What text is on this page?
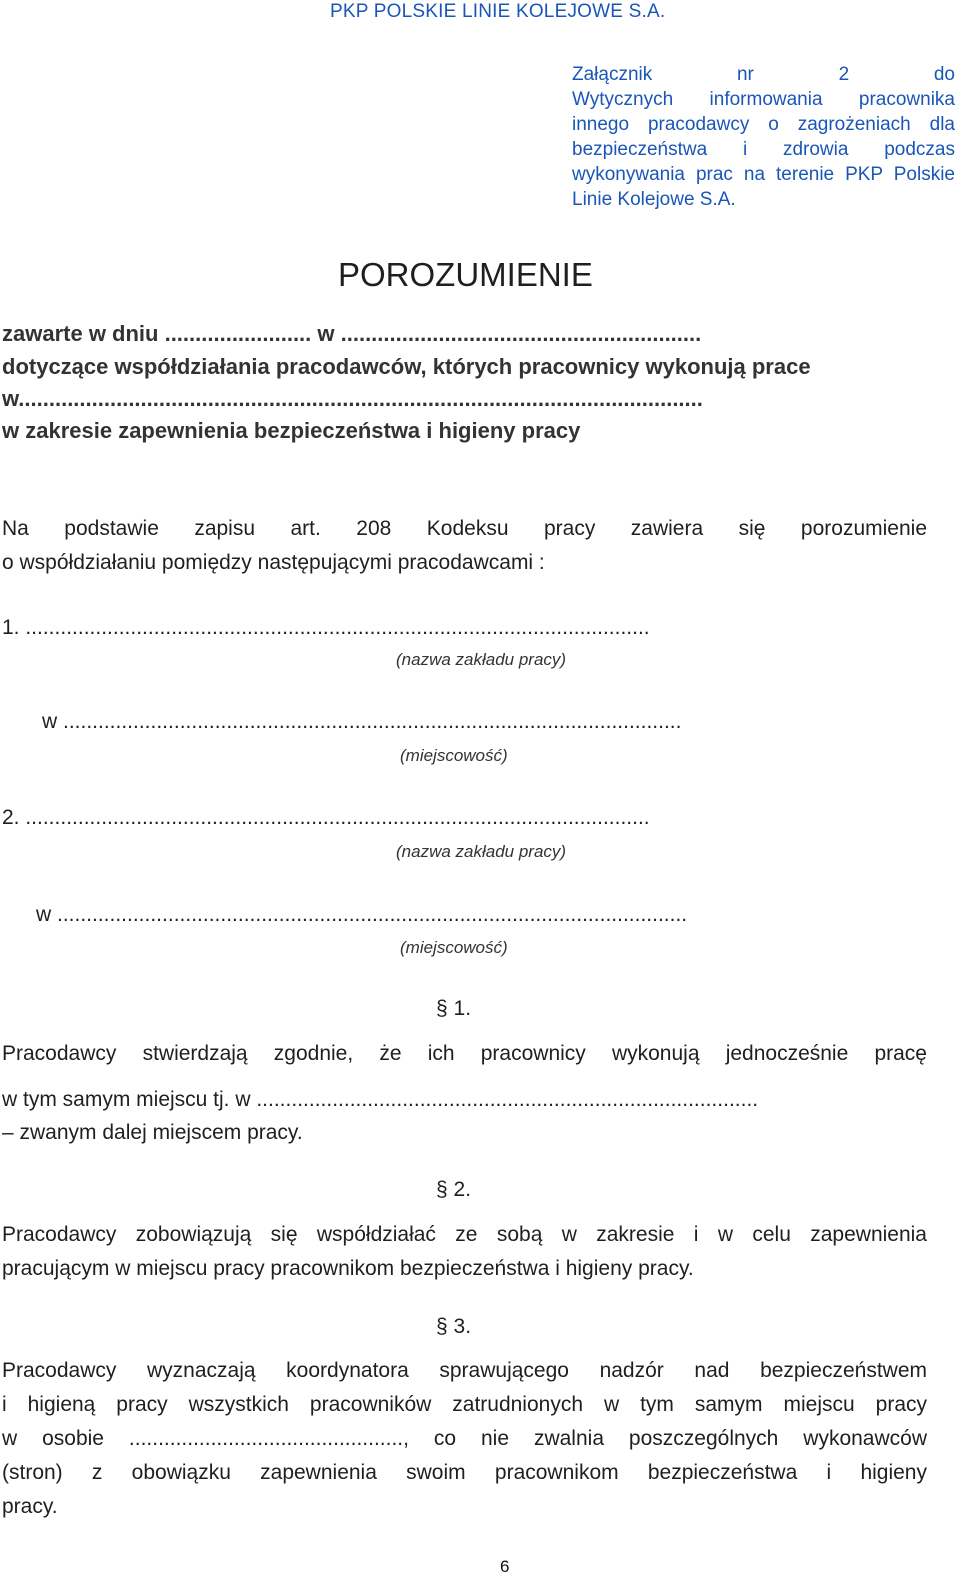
PKP POLSKIE LINIE KOLEJOWE S.A.
Załącznik nr 2 do
Wytycznych informowania pracownika
innego pracodawcy o zagrożeniach dla
bezpieczeństwa i zdrowia podczas
wykonywania prac na terenie PKP Polskie
Linie Kolejowe S.A.
POROZUMIENIE
zawarte w dniu ........................ w ...........................................................
dotyczące współdziałania pracodawców, których pracownicy wykonują prace
w................................................................................................................
w zakresie zapewnienia bezpieczeństwa i higieny pracy
Na podstawie zapisu art. 208 Kodeksu pracy zawiera się porozumienie
o współdziałaniu pomiędzy następującymi pracodawcami :
1. ...........................................................................................................
(nazwa zakładu pracy)
w ..........................................................................................................
(miejscowość)
2. ...........................................................................................................
(nazwa zakładu pracy)
w ............................................................................................................
(miejscowość)
§ 1.
Pracodawcy stwierdzają zgodnie, że ich pracownicy wykonują jednocześnie pracę
w tym samym miejscu tj. w ......................................................................................
– zwanym dalej miejscem pracy.
§ 2.
Pracodawcy zobowiązują się współdziałać ze sobą w zakresie i w celu zapewnienia
pracującym w miejscu pracy pracownikom bezpieczeństwa i higieny pracy.
§ 3.
Pracodawcy wyznaczają koordynatora sprawującego nadzór nad bezpieczeństwem
i higieną pracy wszystkich pracowników zatrudnionych w tym samym miejscu pracy
w osobie ..............................................., co nie zwalnia poszczególnych wykonawców
(stron) z obowiązku zapewnienia swoim pracownikom bezpieczeństwa i higieny
pracy.
6
